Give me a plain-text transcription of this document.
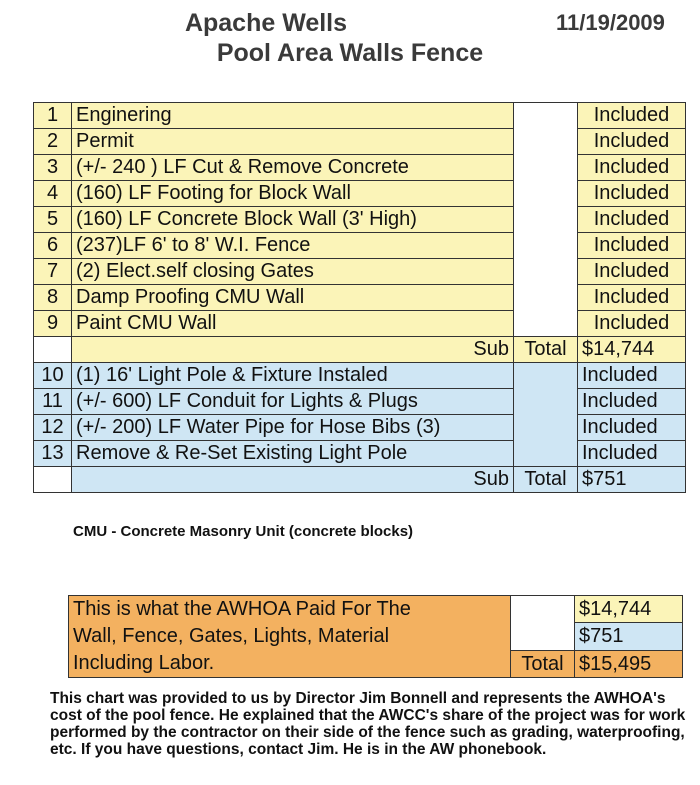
Apache Wells	11/19/2009
Pool Area Walls Fence
1	Enginering		Included
2	Permit		Included
3	(+/- 240 ) LF Cut & Remove Concrete		Included
4	(160) LF Footing for Block Wall		Included
5	(160) LF Concrete Block Wall (3' High)		Included
6	(237)LF 6' to 8' W.I. Fence		Included
7	(2) Elect.self closing Gates		Included
8	Damp Proofing CMU Wall		Included
9	Paint CMU Wall		Included
	Sub	Total	$14,744
10	(1) 16' Light Pole & Fixture Instaled		Included
11	(+/- 600) LF Conduit for Lights & Plugs		Included
12	(+/- 200) LF Water Pipe for Hose Bibs (3)		Included
13	Remove & Re-Set Existing Light Pole		Included
	Sub	Total	$751
CMU - Concrete Masonry Unit (concrete blocks)
This is what the AWHOA Paid For The
Wall, Fence, Gates, Lights, Material
Including Labor.		$14,744
		$751
	Total	$15,495
This chart was provided to us by Director Jim Bonnell and represents the AWHOA's cost of the pool fence. He explained that the AWCC's share of the project was for work performed by the contractor on their side of the fence such as grading, waterproofing, etc. If you have questions, contact Jim. He is in the AW phonebook.
